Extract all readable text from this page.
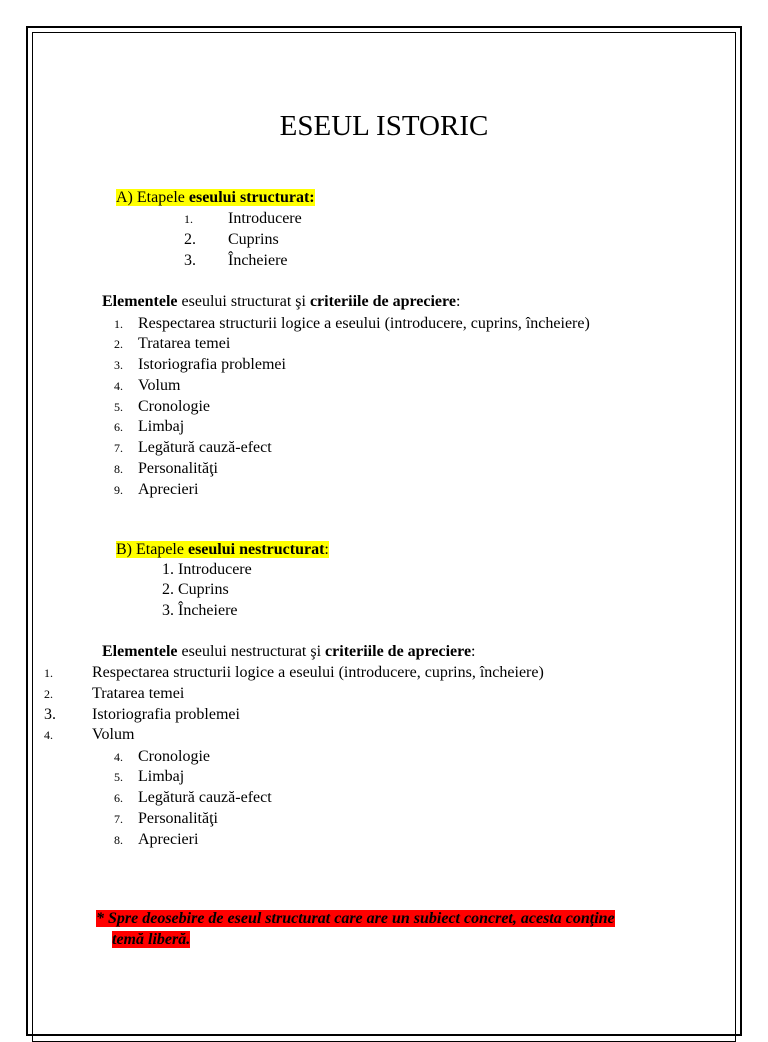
ESEUL ISTORIC
A) Etapele eseului structurat:
1. Introducere
2. Cuprins
3. Încheiere
Elementele eseului structurat şi criteriile de apreciere:
1. Respectarea structurii logice a eseului (introducere, cuprins, încheiere)
2. Tratarea temei
3. Istoriografia problemei
4. Volum
5. Cronologie
6. Limbaj
7. Legătură cauză-efect
8. Personalităţi
9. Aprecieri
B) Etapele eseului nestructurat:
1. Introducere
2. Cuprins
3. Încheiere
Elementele eseului nestructurat şi criteriile de apreciere:
1. Respectarea structurii logice a eseului (introducere, cuprins, încheiere)
2. Tratarea temei
3. Istoriografia problemei
4. Volum
4. Cronologie
5. Limbaj
6. Legătură cauză-efect
7. Personalităţi
8. Aprecieri
* Spre deosebire de eseul structurat care are un subiect concret, acesta conţine
temă liberă.
